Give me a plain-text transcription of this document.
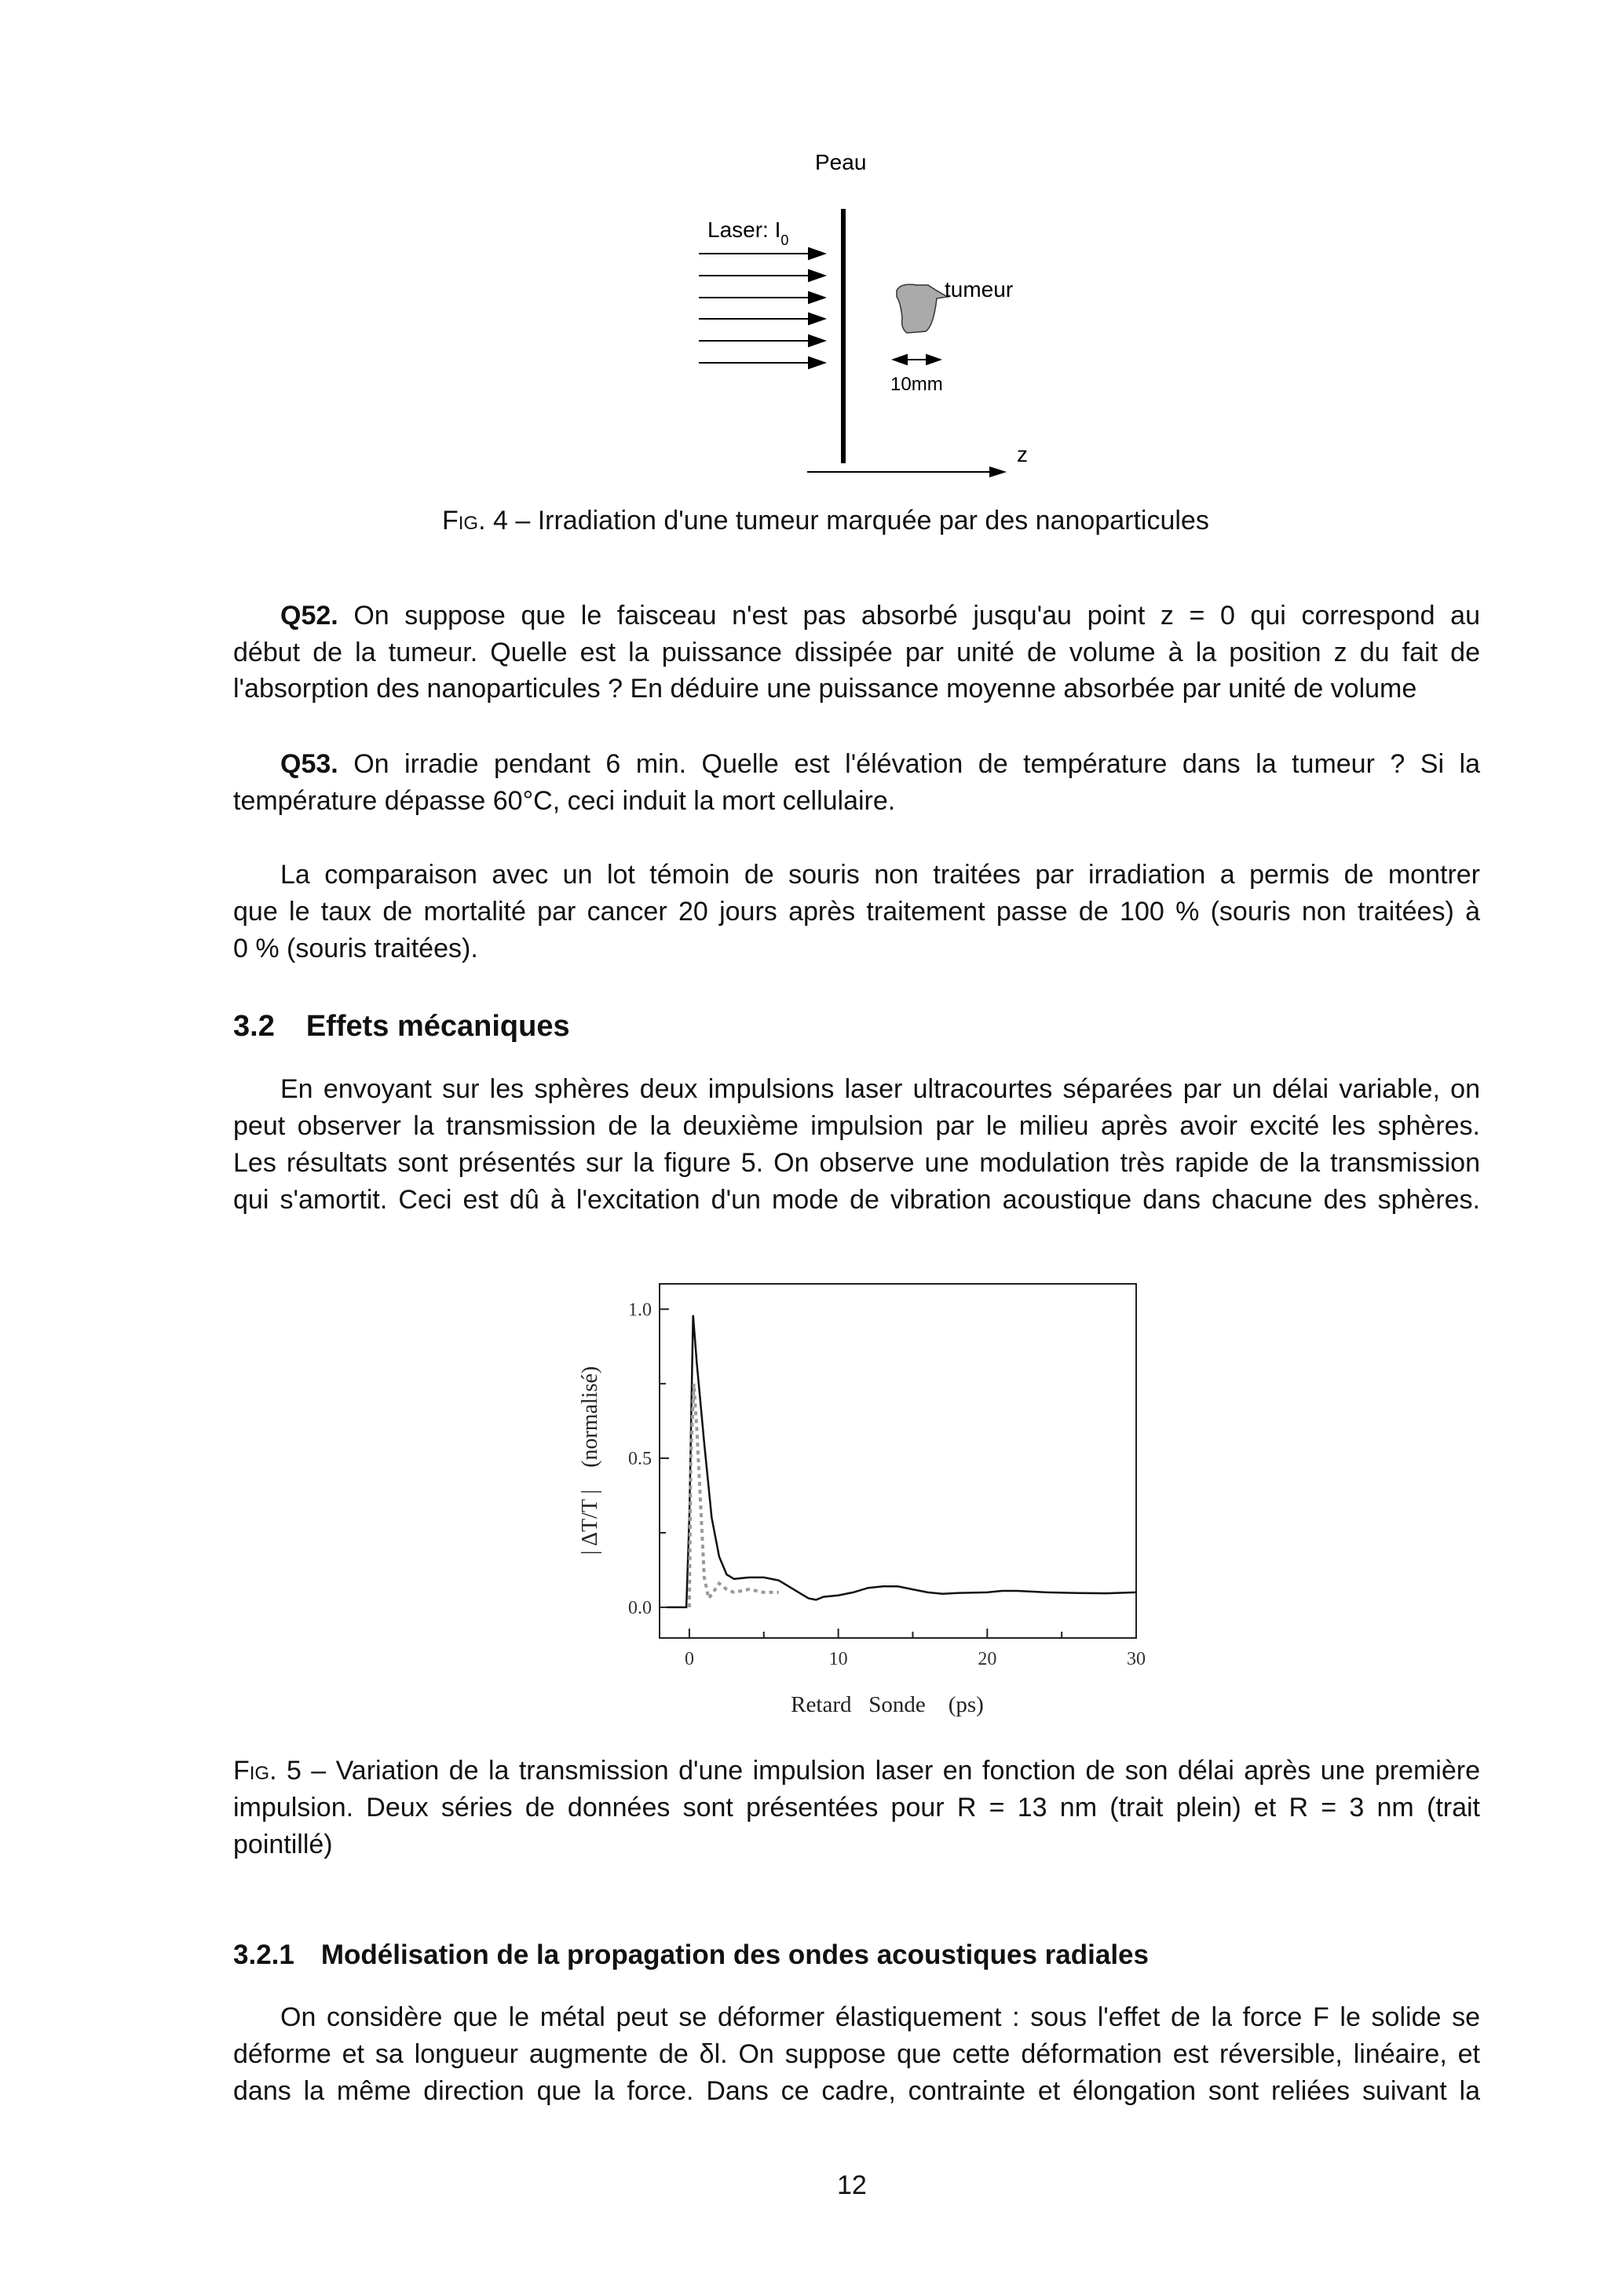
Peau
Laser: $I_0$
tumeur
10mm
z
Fig. 4 – Irradiation d'une tumeur marquée par des nanoparticules
Q52. On suppose que le faisceau n'est pas absorbé jusqu'au point z = 0 qui correspond au
début de la tumeur. Quelle est la puissance dissipée par unité de volume à la position z du fait de
l'absorption des nanoparticules ? En déduire une puissance moyenne absorbée par unité de volume
Q53. On irradie pendant 6 min. Quelle est l'élévation de température dans la tumeur ? Si la
température dépasse 60°C, ceci induit la mort cellulaire.
La comparaison avec un lot témoin de souris non traitées par irradiation a permis de montrer
que le taux de mortalité par cancer 20 jours après traitement passe de 100 % (souris non traitées) à
0 % (souris traitées).
3.2 Effets mécaniques
En envoyant sur les sphères deux impulsions laser ultracourtes séparées par un délai variable, on
peut observer la transmission de la deuxième impulsion par le milieu après avoir excité les sphères.
Les résultats sont présentés sur la figure 5. On observe une modulation très rapide de la transmission
qui s'amortit. Ceci est dû à l'excitation d'un mode de vibration acoustique dans chacune des sphères.
0	10	20	30
0.0
0.5
1.0
| ΔT/T |    (normalisé)
Retard   Sonde    (ps)
Fig. 5 – Variation de la transmission d'une impulsion laser en fonction de son délai après une première
impulsion. Deux séries de données sont présentées pour R = 13 nm (trait plein) et R = 3 nm (trait
pointillé)
3.2.1 Modélisation de la propagation des ondes acoustiques radiales
On considère que le métal peut se déformer élastiquement : sous l'effet de la force F le solide se
déforme et sa longueur augmente de δl. On suppose que cette déformation est réversible, linéaire, et
dans la même direction que la force. Dans ce cadre, contrainte et élongation sont reliées suivant la
12
